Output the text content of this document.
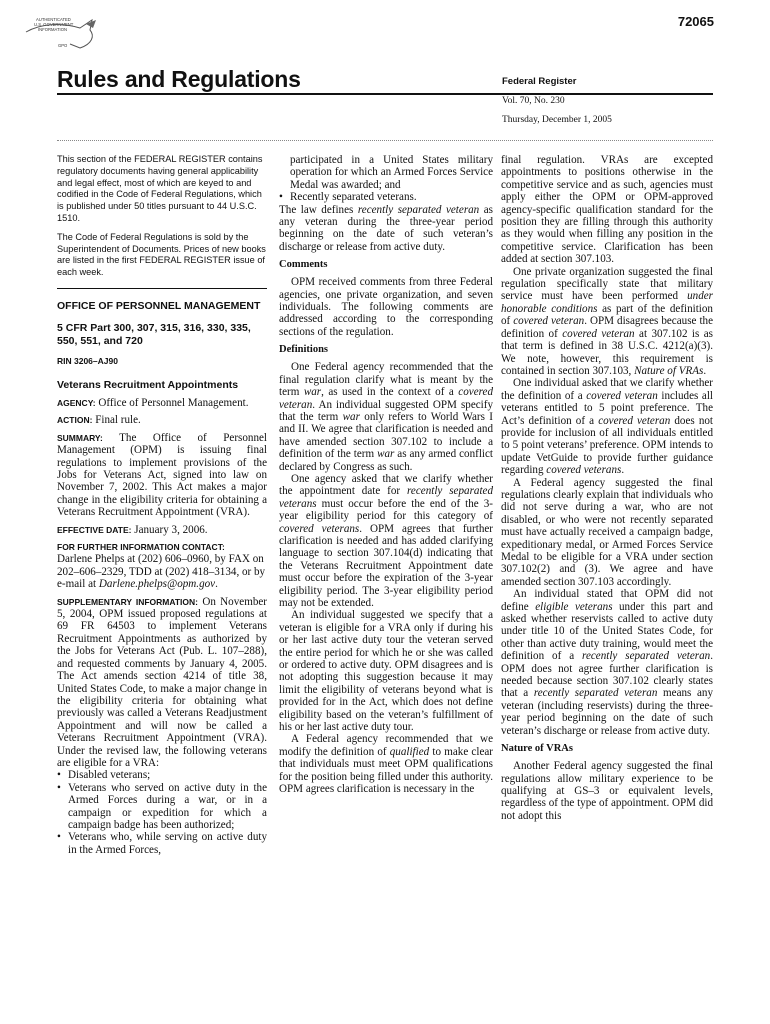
AUTHENTICATED
U.S. GOVERNMENT
INFORMATION
GPO
72065
Rules and Regulations	Federal Register
Vol. 70, No. 230
Thursday, December 1, 2005

This section of the FEDERAL REGISTER contains regulatory documents having general applicability and legal effect, most of which are keyed to and codified in the Code of Federal Regulations, which is published under 50 titles pursuant to 44 U.S.C. 1510.

The Code of Federal Regulations is sold by the Superintendent of Documents. Prices of new books are listed in the first FEDERAL REGISTER issue of each week.

OFFICE OF PERSONNEL MANAGEMENT
5 CFR Part 300, 307, 315, 316, 330, 335, 550, 551, and 720
RIN 3206–AJ90
Veterans Recruitment Appointments

AGENCY: Office of Personnel Management.

ACTION: Final rule.

SUMMARY: The Office of Personnel Management (OPM) is issuing final regulations to implement provisions of the Jobs for Veterans Act, signed into law on November 7, 2002. This Act makes a major change in the eligibility criteria for obtaining a Veterans Recruitment Appointment (VRA).

EFFECTIVE DATE: January 3, 2006.

FOR FURTHER INFORMATION CONTACT:
Darlene Phelps at (202) 606–0960, by FAX on 202–606–2329, TDD at (202) 418–3134, or by e-mail at Darlene.phelps@opm.gov.

SUPPLEMENTARY INFORMATION: On November 5, 2004, OPM issued proposed regulations at 69 FR 64503 to implement Veterans Recruitment Appointments as authorized by the Jobs for Veterans Act (Pub. L. 107–288), and requested comments by January 4, 2005. The Act amends section 4214 of title 38, United States Code, to make a major change in the eligibility criteria for obtaining what previously was called a Veterans Readjustment Appointment and will now be called a Veterans Recruitment Appointment (VRA). Under the revised law, the following veterans are eligible for a VRA:

• Disabled veterans;
• Veterans who served on active duty in the Armed Forces during a war, or in a campaign or expedition for which a campaign badge has been authorized;
• Veterans who, while serving on active duty in the Armed Forces,

participated in a United States military operation for which an Armed Forces Service Medal was awarded; and

• Recently separated veterans.

The law defines recently separated veteran as any veteran during the three-year period beginning on the date of such veteran’s discharge or release from active duty.

Comments

OPM received comments from three Federal agencies, one private organization, and seven individuals. The following comments are addressed according to the corresponding sections of the regulation.

Definitions

One Federal agency recommended that the final regulation clarify what is meant by the term war, as used in the context of a covered veteran. An individual suggested OPM specify that the term war only refers to World Wars I and II. We agree that clarification is needed and have amended section 307.102 to include a definition of the term war as any armed conflict declared by Congress as such.

One agency asked that we clarify whether the appointment date for recently separated veterans must occur before the end of the 3-year eligibility period for this category of covered veterans. OPM agrees that further clarification is needed and has added clarifying language to section 307.104(d) indicating that the Veterans Recruitment Appointment date must occur before the expiration of the 3-year eligibility period. The 3-year eligibility period may not be extended.

An individual suggested we specify that a veteran is eligible for a VRA only if during his or her last active duty tour the veteran served the entire period for which he or she was called or ordered to active duty. OPM disagrees and is not adopting this suggestion because it may limit the eligibility of veterans beyond what is provided for in the Act, which does not define eligibility based on the veteran’s fulfillment of his or her last active duty tour.

A Federal agency recommended that we modify the definition of qualified to make clear that individuals must meet OPM qualifications for the position being filled under this authority. OPM agrees clarification is necessary in the

final regulation. VRAs are excepted appointments to positions otherwise in the competitive service and as such, agencies must apply either the OPM or OPM-approved agency-specific qualification standard for the position they are filling through this authority as they would when filling any position in the competitive service. Clarification has been added at section 307.103.

One private organization suggested the final regulation specifically state that military service must have been performed under honorable conditions as part of the definition of covered veteran. OPM disagrees because the definition of covered veteran at 307.102 is as that term is defined in 38 U.S.C. 4212(a)(3). We note, however, this requirement is contained in section 307.103, Nature of VRAs.

One individual asked that we clarify whether the definition of a covered veteran includes all veterans entitled to 5 point preference. The Act’s definition of a covered veteran does not provide for inclusion of all individuals entitled to 5 point veterans’ preference. OPM intends to update VetGuide to provide further guidance regarding covered veterans.

A Federal agency suggested the final regulations clearly explain that individuals who did not serve during a war, who are not disabled, or who were not recently separated must have actually received a campaign badge, expeditionary medal, or Armed Forces Service Medal to be eligible for a VRA under section 307.102(2) and (3). We agree and have amended section 307.103 accordingly.

An individual stated that OPM did not define eligible veterans under this part and asked whether reservists called to active duty under title 10 of the United States Code, for other than active duty training, would meet the definition of a recently separated veteran. OPM does not agree further clarification is needed because section 307.102 clearly states that a recently separated veteran means any veteran (including reservists) during the three-year period beginning on the date of such veteran’s discharge or release from active duty.

Nature of VRAs

Another Federal agency suggested the final regulations allow military experience to be qualifying at GS–3 or equivalent levels, regardless of the type of appointment. OPM did not adopt this
